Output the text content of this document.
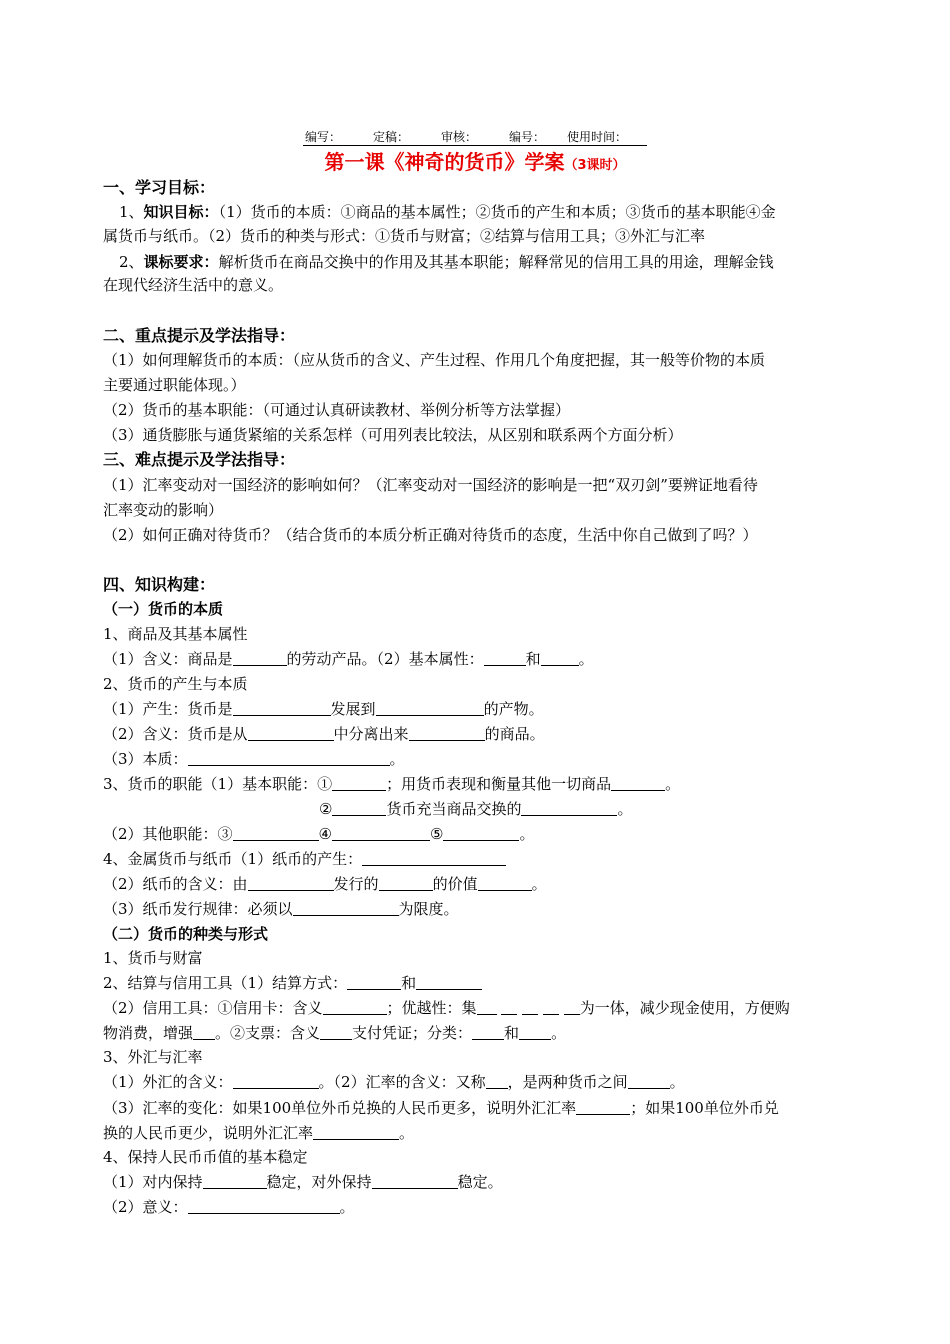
编写：	定稿：	审核：	编号： 使用时间：
第一课《神奇的货币》学案（3课时）
一、学习目标：
1、知识目标：（1）货币的本质：①商品的基本属性；②货币的产生和本质；③货币的基本职能④金
属货币与纸币。（2）货币的种类与形式：①货币与财富；②结算与信用工具；③外汇与汇率
2、课标要求：解析货币在商品交换中的作用及其基本职能；解释常见的信用工具的用途，理解金钱
在现代经济生活中的意义。
二、重点提示及学法指导：
（1）如何理解货币的本质：（应从货币的含义、产生过程、作用几个角度把握，其一般等价物的本质
主要通过职能体现。）
（2）货币的基本职能：（可通过认真研读教材、举例分析等方法掌握）
（3）通货膨胀与通货紧缩的关系怎样（可用列表比较法，从区别和联系两个方面分析）
三、难点提示及学法指导：
（1）汇率变动对一国经济的影响如何？（汇率变动对一国经济的影响是一把“双刃剑”要辨证地看待
汇率变动的影响）
（2）如何正确对待货币？（结合货币的本质分析正确对待货币的态度，生活中你自己做到了吗？）
四、知识构建：
（一）货币的本质
1、商品及其基本属性
（1）含义：商品是	的劳动产品。（2）基本属性：	和	。
2、货币的产生与本质
（1）产生：货币是	发展到	的产物。
（2）含义：货币是从	中分离出来	的商品。
（3）本质：	。
3、货币的职能（1）基本职能：①	；用货币表现和衡量其他一切商品	。
②	货币充当商品交换的	。
（2）其他职能：③	④	⑤	。
4、金属货币与纸币（1）纸币的产生：
（2）纸币的含义：由	发行的	的价值	。
（3）纸币发行规律：必须以	为限度。
（二）货币的种类与形式
1、货币与财富
2、结算与信用工具（1）结算方式：	和
（2）信用工具：①信用卡：含义	；优越性：集	为一体，减少现金使用，方便购
物消费，增强 。②支票：含义 支付凭证；分类： 和 。
3、外汇与汇率
（1）外汇的含义：	。（2）汇率的含义：又称 ，是两种货币之间	。
（3）汇率的变化：如果100单位外币兑换的人民币更多，说明外汇汇率	；如果100单位外币兑
换的人民币更少，说明外汇汇率	。
4、保持人民币币值的基本稳定
（1）对内保持	稳定，对外保持	稳定。
（2）意义：	。
